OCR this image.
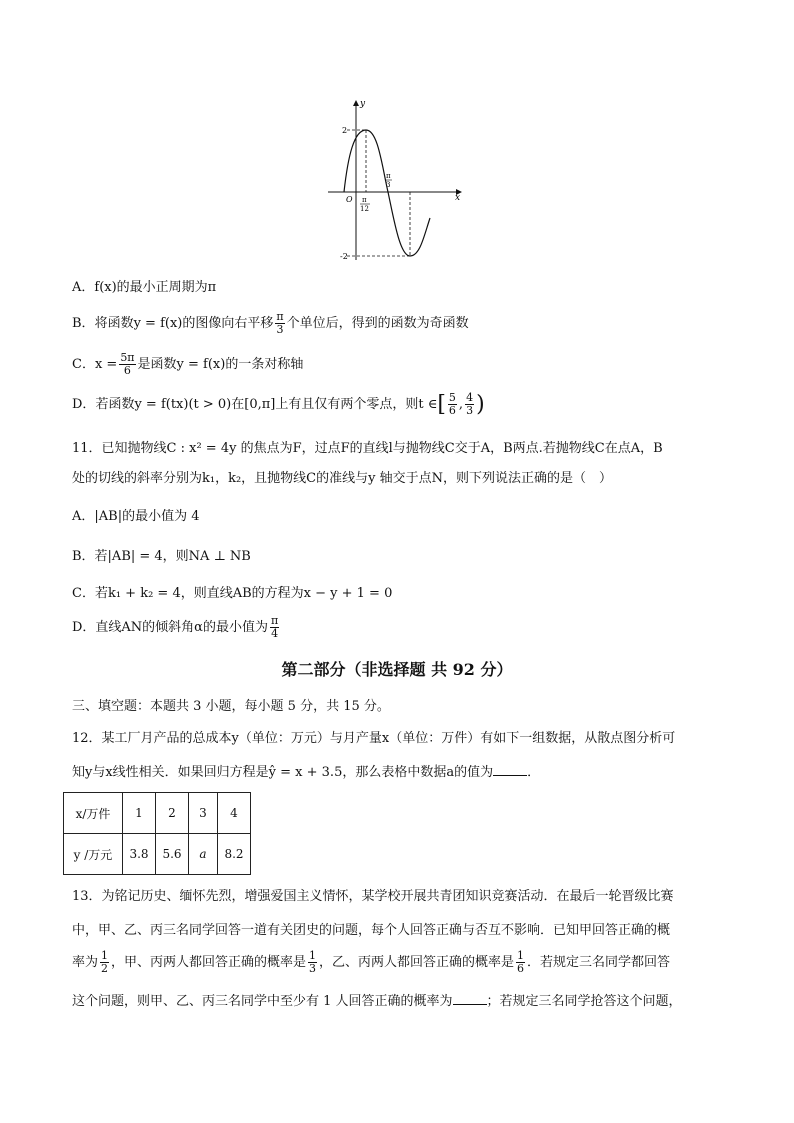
y
x
O
2
-2
π
12
π
3
A．f(x)的最小正周期为π
B．将函数y = f(x)的图像向右平移 $\frac{\pi}{3}$ 个单位后，得到的函数为奇函数
C．$x = \frac{5\pi}{6}$ 是函数y = f(x)的一条对称轴
D．若函数y = f(tx)(t > 0)在[0,π]上有且仅有两个零点，则t ∈[ $\frac{5}{6}$ , $\frac{4}{3}$ )
11．已知抛物线C : x² = 4y 的焦点为F，过点F的直线l与抛物线C交于A，B两点.若抛物线C在点A，B
处的切线的斜率分别为k₁，k₂，且抛物线C的准线与y 轴交于点N，则下列说法正确的是（　）
A．|AB|的最小值为 4
B．若|AB| = 4，则NA ⊥ NB
C．若k₁ + k₂ = 4，则直线AB的方程为x − y + 1 = 0
D．直线AN的倾斜角α的最小值为 $\frac{\pi}{4}$
第二部分（非选择题 共 92 分）
三、填空题：本题共 3 小题，每小题 5 分，共 15 分。
12．某工厂月产品的总成本y（单位：万元）与月产量x（单位：万件）有如下一组数据，从散点图分析可
知y与x线性相关．如果回归方程是ŷ = x + 3.5，那么表格中数据a的值为	．
x/万件	1	2	3	4
y /万元	3.8	5.6	a	8.2
13．为铭记历史、缅怀先烈，增强爱国主义情怀，某学校开展共青团知识竞赛活动．在最后一轮晋级比赛
中，甲、乙、丙三名同学回答一道有关团史的问题，每个人回答正确与否互不影响．已知甲回答正确的概
率为 $\frac{1}{2}$ ，甲、丙两人都回答正确的概率是 $\frac{1}{3}$ ，乙、丙两人都回答正确的概率是 $\frac{1}{6}$ ．若规定三名同学都回答
这个问题，则甲、乙、丙三名同学中至少有 1 人回答正确的概率为	；若规定三名同学抢答这个问题，
